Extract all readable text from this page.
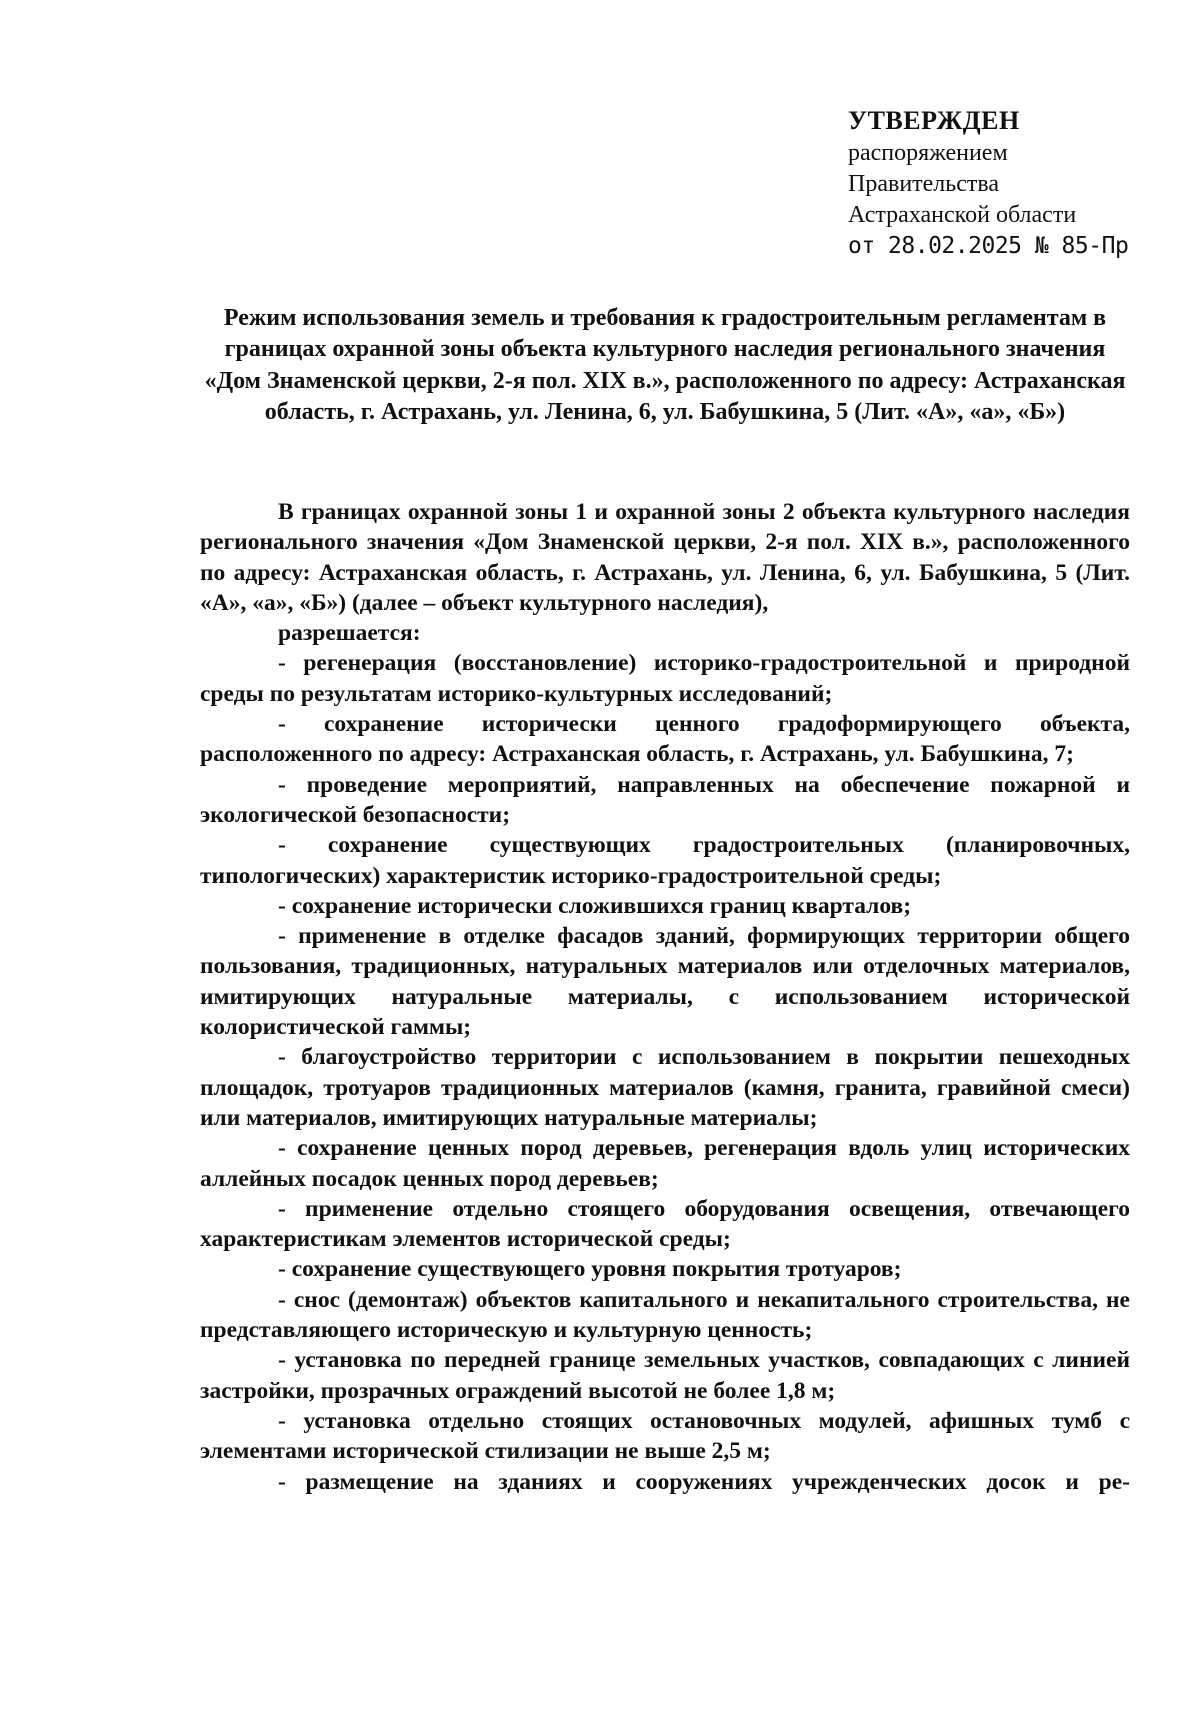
УТВЕРЖДЕН
распоряжением
Правительства
Астраханской области
от 28.02.2025 № 85-Пр
Режим использования земель и требования к градостроительным регламентам в границах охранной зоны объекта культурного наследия регионального значения «Дом Знаменской церкви, 2-я пол. XIX в.», расположенного по адресу: Астраханская область, г. Астрахань, ул. Ленина, 6, ул. Бабушкина, 5 (Лит. «А», «а», «Б»)

В границах охранной зоны 1 и охранной зоны 2 объекта культурного наследия регионального значения «Дом Знаменской церкви, 2-я пол. XIX в.», расположенного по адресу: Астраханская область, г. Астрахань, ул. Ленина, 6, ул. Бабушкина, 5 (Лит. «А», «а», «Б») (далее – объект культурного наследия),

разрешается:

- регенерация (восстановление) историко-градостроительной и природной среды по результатам историко-культурных исследований;

- сохранение исторически ценного градоформирующего объекта, расположенного по адресу: Астраханская область, г. Астрахань, ул. Бабушкина, 7;

- проведение мероприятий, направленных на обеспечение пожарной и экологической безопасности;

- сохранение существующих градостроительных (планировочных, типологических) характеристик историко-градостроительной среды;

- сохранение исторически сложившихся границ кварталов;

- применение в отделке фасадов зданий, формирующих территории общего пользования, традиционных, натуральных материалов или отделочных материалов, имитирующих натуральные материалы, с использованием исторической колористической гаммы;

- благоустройство территории с использованием в покрытии пешеходных площадок, тротуаров традиционных материалов (камня, гранита, гравийной смеси) или материалов, имитирующих натуральные материалы;

- сохранение ценных пород деревьев, регенерация вдоль улиц исторических аллейных посадок ценных пород деревьев;

- применение отдельно стоящего оборудования освещения, отвечающего характеристикам элементов исторической среды;

- сохранение существующего уровня покрытия тротуаров;

- снос (демонтаж) объектов капитального и некапитального строительства, не представляющего историческую и культурную ценность;

- установка по передней границе земельных участков, совпадающих с линией застройки, прозрачных ограждений высотой не более 1,8 м;

- установка отдельно стоящих остановочных модулей, афишных тумб с элементами исторической стилизации не выше 2,5 м;

- размещение на зданиях и сооружениях учрежденческих досок и ре-
